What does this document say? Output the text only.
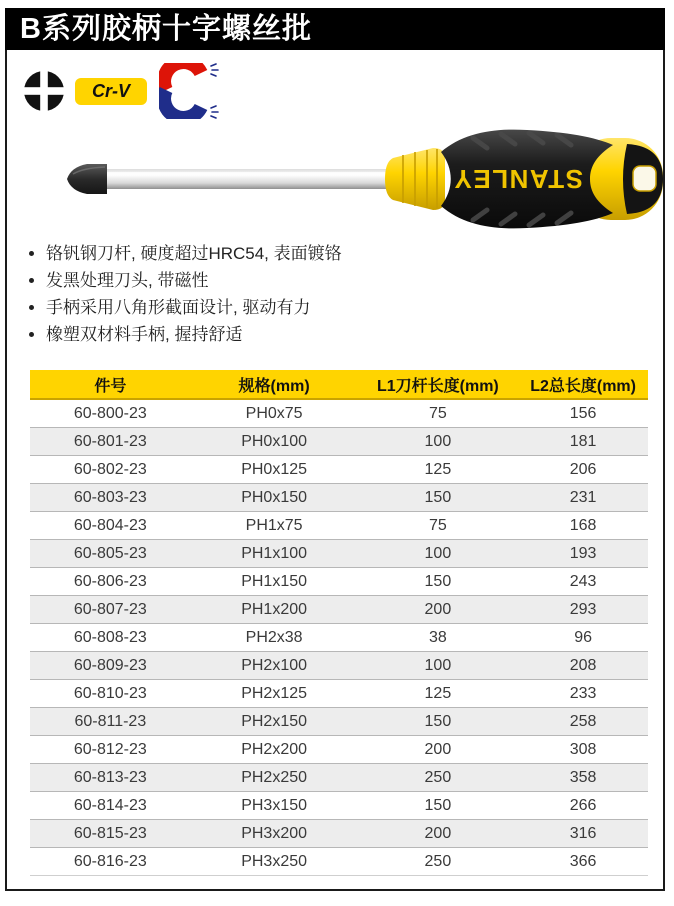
B系列胶柄十字螺丝批
Cr-V
STANLEY
• 铬钒钢刀杆, 硬度超过HRC54, 表面镀铬
• 发黑处理刀头, 带磁性
• 手柄采用八角形截面设计, 驱动有力
• 橡塑双材料手柄, 握持舒适
件号	规格(mm)	L1刀杆长度(mm)	L2总长度(mm)
60-800-23	PH0x75	75	156
60-801-23	PH0x100	100	181
60-802-23	PH0x125	125	206
60-803-23	PH0x150	150	231
60-804-23	PH1x75	75	168
60-805-23	PH1x100	100	193
60-806-23	PH1x150	150	243
60-807-23	PH1x200	200	293
60-808-23	PH2x38	38	96
60-809-23	PH2x100	100	208
60-810-23	PH2x125	125	233
60-811-23	PH2x150	150	258
60-812-23	PH2x200	200	308
60-813-23	PH2x250	250	358
60-814-23	PH3x150	150	266
60-815-23	PH3x200	200	316
60-816-23	PH3x250	250	366
